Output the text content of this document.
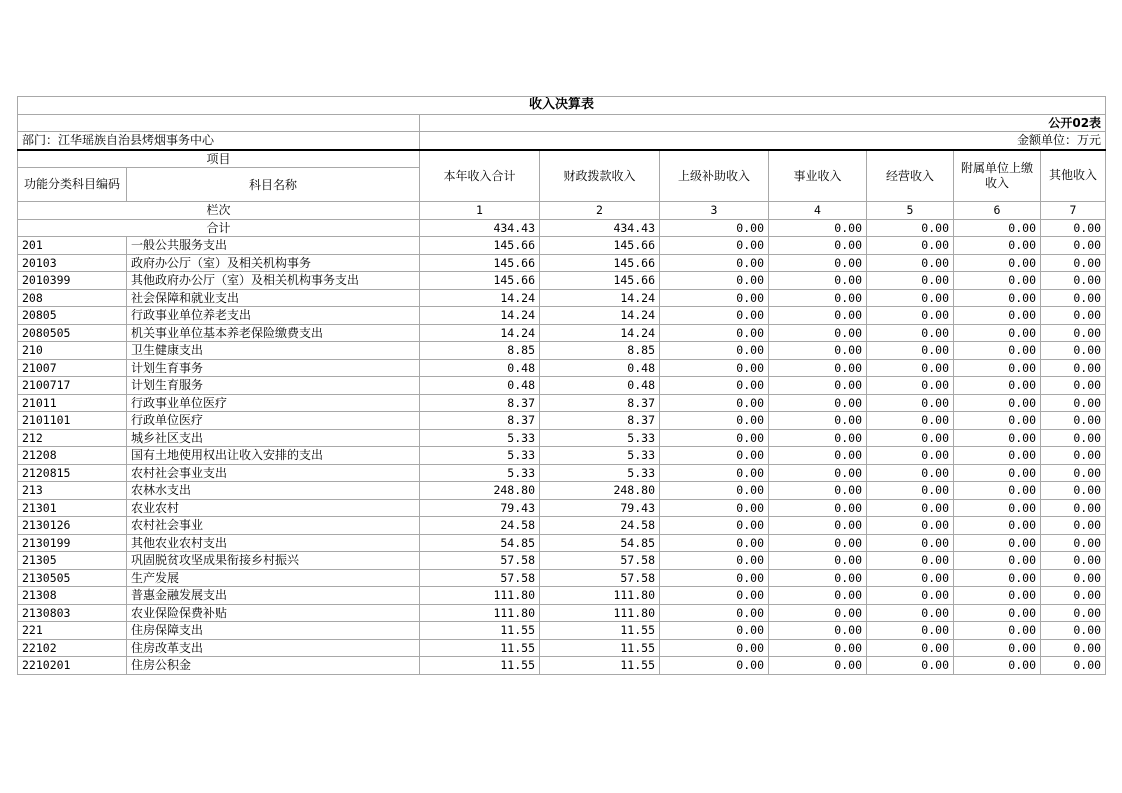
收入决算表								
		公开02表						
部门：江华瑶族自治县烤烟事务中心		金额单位：万元						
项目		本年收入合计	财政拨款收入	上级补助收入	事业收入	经营收入	附属单位上缴收入	其他收入
功能分类科目编码	科目名称							
栏次		1	2	3	4	5	6	7
合计		434.43	434.43	0.00	0.00	0.00	0.00	0.00
201	一般公共服务支出	145.66	145.66	0.00	0.00	0.00	0.00	0.00
20103	政府办公厅（室）及相关机构事务	145.66	145.66	0.00	0.00	0.00	0.00	0.00
2010399	其他政府办公厅（室）及相关机构事务支出	145.66	145.66	0.00	0.00	0.00	0.00	0.00
208	社会保障和就业支出	14.24	14.24	0.00	0.00	0.00	0.00	0.00
20805	行政事业单位养老支出	14.24	14.24	0.00	0.00	0.00	0.00	0.00
2080505	机关事业单位基本养老保险缴费支出	14.24	14.24	0.00	0.00	0.00	0.00	0.00
210	卫生健康支出	8.85	8.85	0.00	0.00	0.00	0.00	0.00
21007	计划生育事务	0.48	0.48	0.00	0.00	0.00	0.00	0.00
2100717	计划生育服务	0.48	0.48	0.00	0.00	0.00	0.00	0.00
21011	行政事业单位医疗	8.37	8.37	0.00	0.00	0.00	0.00	0.00
2101101	行政单位医疗	8.37	8.37	0.00	0.00	0.00	0.00	0.00
212	城乡社区支出	5.33	5.33	0.00	0.00	0.00	0.00	0.00
21208	国有土地使用权出让收入安排的支出	5.33	5.33	0.00	0.00	0.00	0.00	0.00
2120815	农村社会事业支出	5.33	5.33	0.00	0.00	0.00	0.00	0.00
213	农林水支出	248.80	248.80	0.00	0.00	0.00	0.00	0.00
21301	农业农村	79.43	79.43	0.00	0.00	0.00	0.00	0.00
2130126	农村社会事业	24.58	24.58	0.00	0.00	0.00	0.00	0.00
2130199	其他农业农村支出	54.85	54.85	0.00	0.00	0.00	0.00	0.00
21305	巩固脱贫攻坚成果衔接乡村振兴	57.58	57.58	0.00	0.00	0.00	0.00	0.00
2130505	生产发展	57.58	57.58	0.00	0.00	0.00	0.00	0.00
21308	普惠金融发展支出	111.80	111.80	0.00	0.00	0.00	0.00	0.00
2130803	农业保险保费补贴	111.80	111.80	0.00	0.00	0.00	0.00	0.00
221	住房保障支出	11.55	11.55	0.00	0.00	0.00	0.00	0.00
22102	住房改革支出	11.55	11.55	0.00	0.00	0.00	0.00	0.00
2210201	住房公积金	11.55	11.55	0.00	0.00	0.00	0.00	0.00
